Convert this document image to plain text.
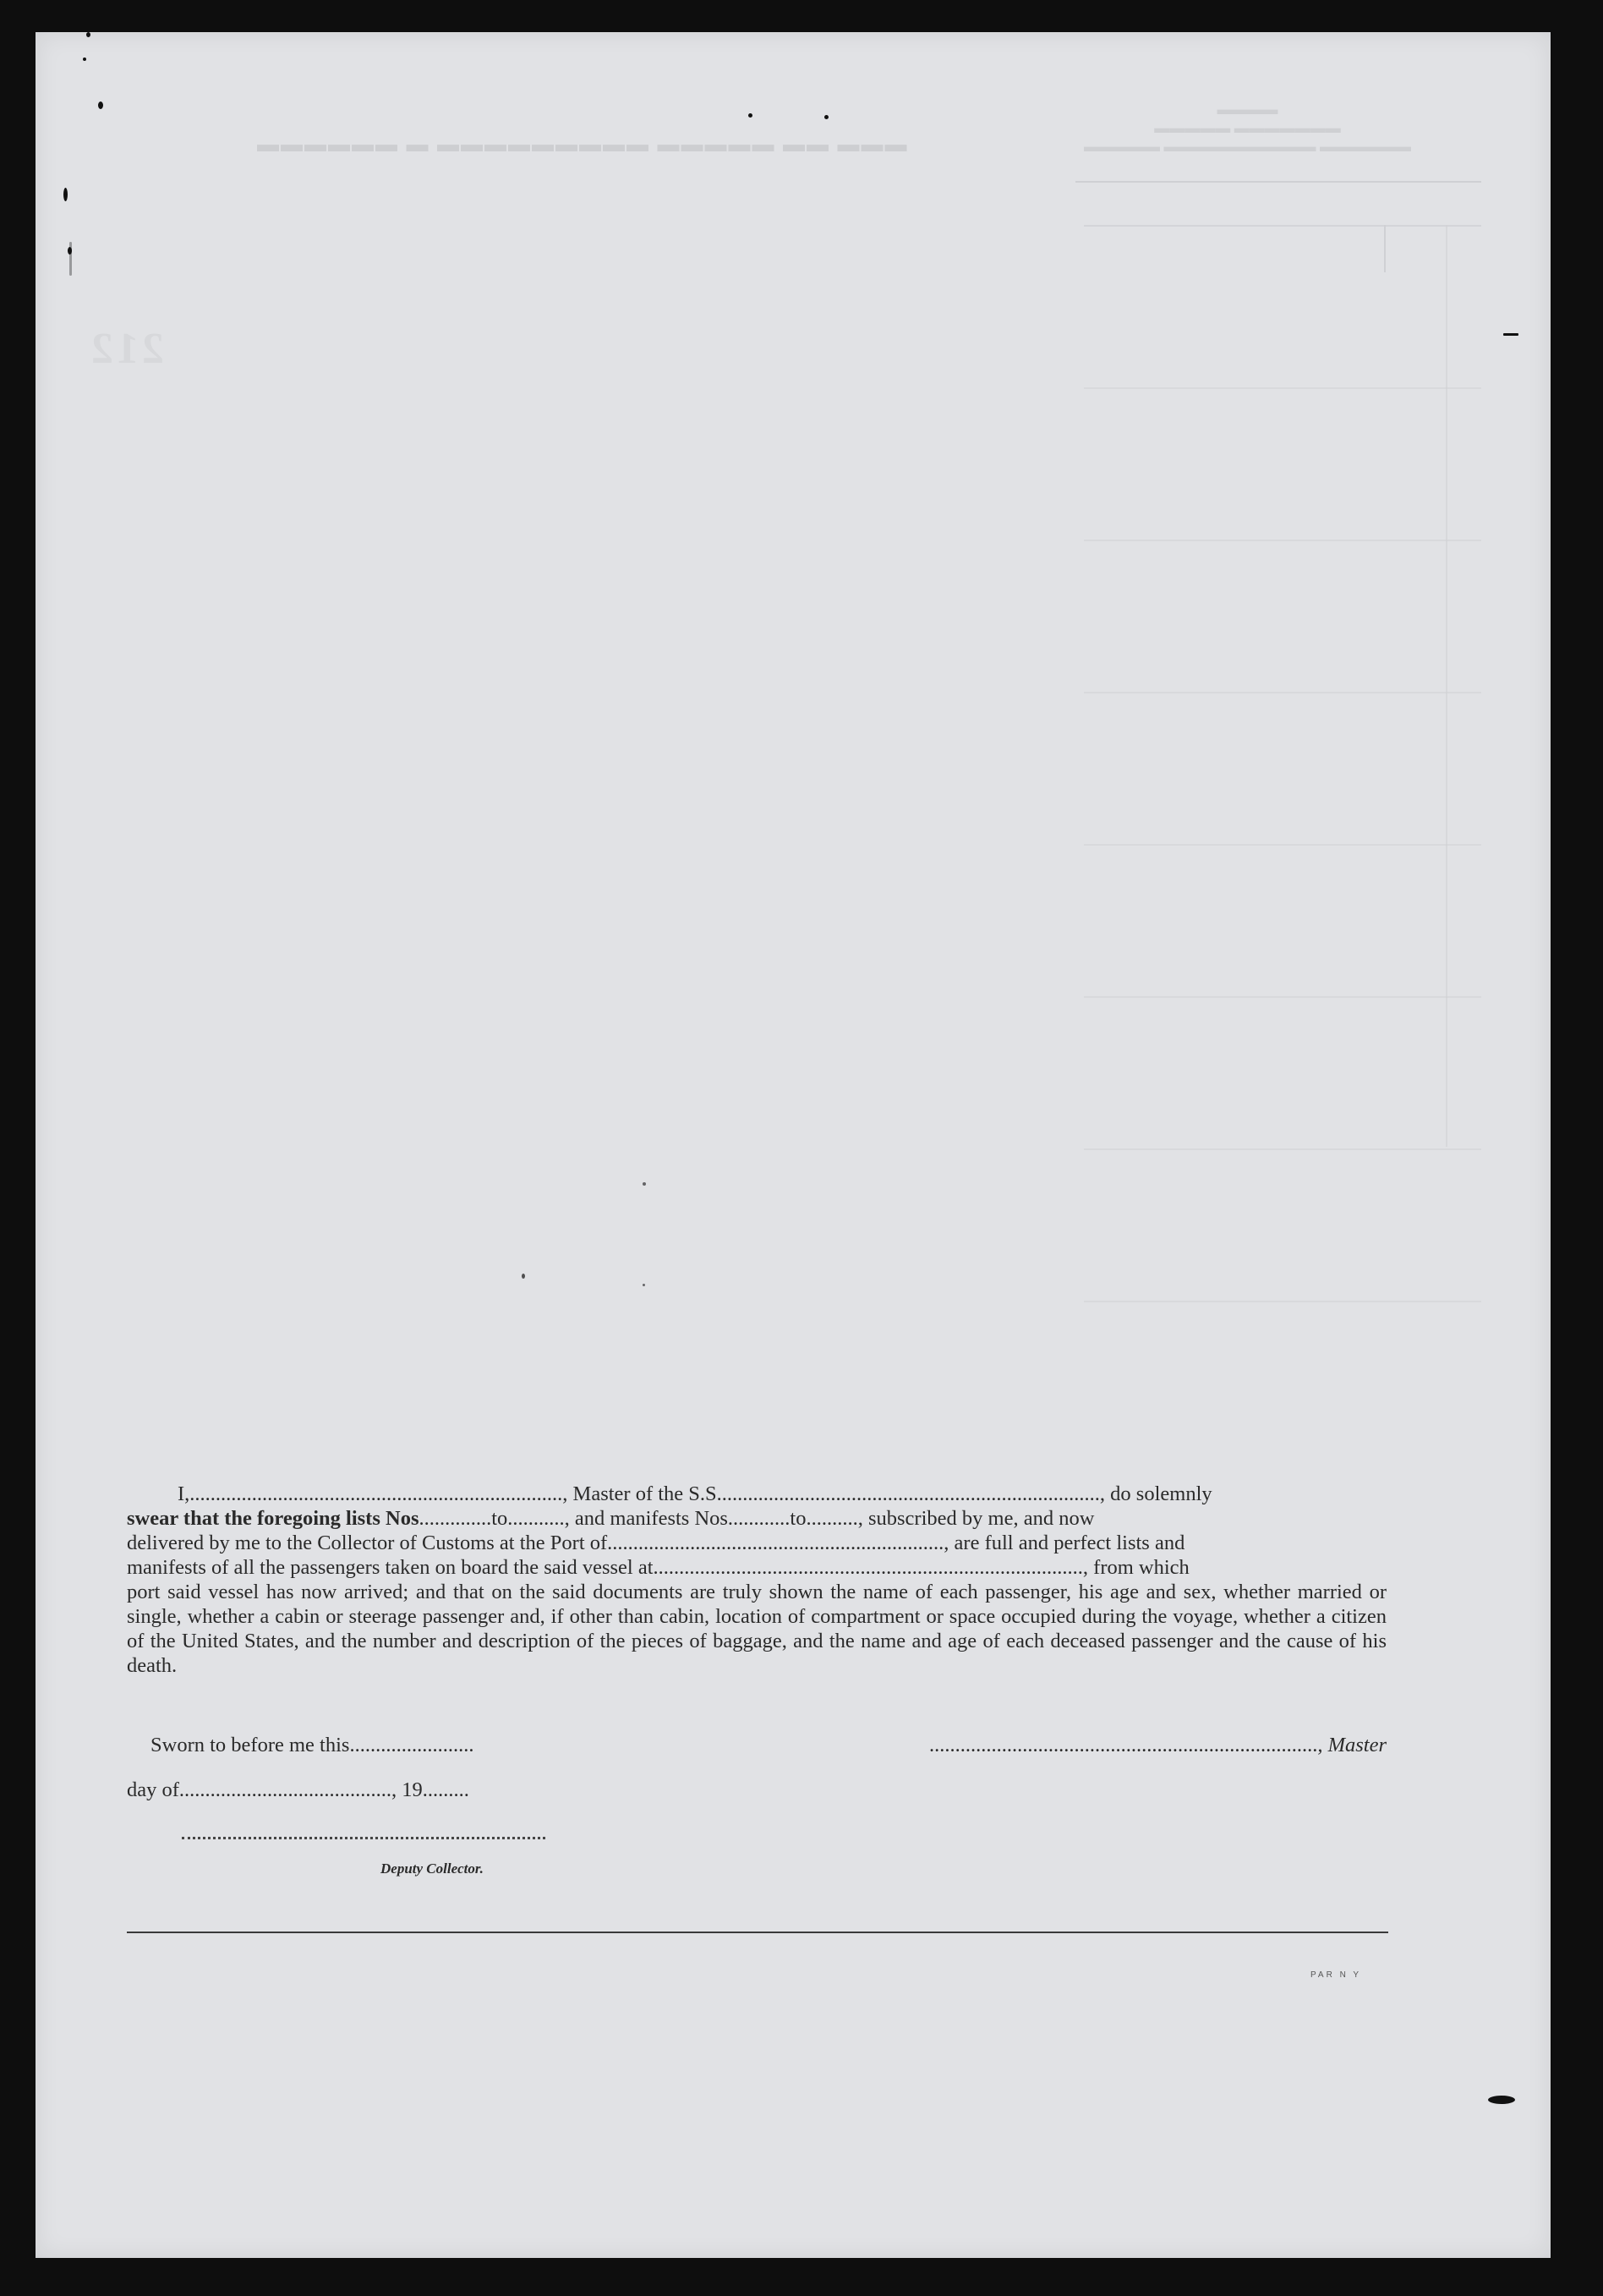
212
▬▬▬ ▬▬ ▬▬▬▬▬ ▬▬▬▬▬▬▬▬▬ ▬ ▬▬▬▬▬▬
▬▬▬▬
▬▬▬▬▬▬▬ ▬▬▬▬▬
▬▬▬▬▬▬ ▬▬▬▬▬▬▬▬▬▬ ▬▬▬▬▬

I,........................................................................, Master of the S.S.........................................................................., do solemnly

swear that the foregoing lists Nos..............to..........., and manifests Nos............to.........., subscribed by me, and now
delivered by me to the Collector of Customs at the Port of................................................................., are full and perfect lists and
manifests of all the passengers taken on board the said vessel at..................................................................................., from which
port said vessel has now arrived; and that on the said documents are truly shown the name of each passenger, his age and sex, whether married or single, whether a cabin or steerage passenger and, if other than cabin, location of compartment or space occupied during the voyage, whether a citizen of the United States, and the number and description of the pieces of baggage, and the name and age of each deceased passenger and the cause of his death.
Sworn to before me this........................	..........................................................................., Master
day of........................................., 19.........
Deputy Collector.
PAR N Y
